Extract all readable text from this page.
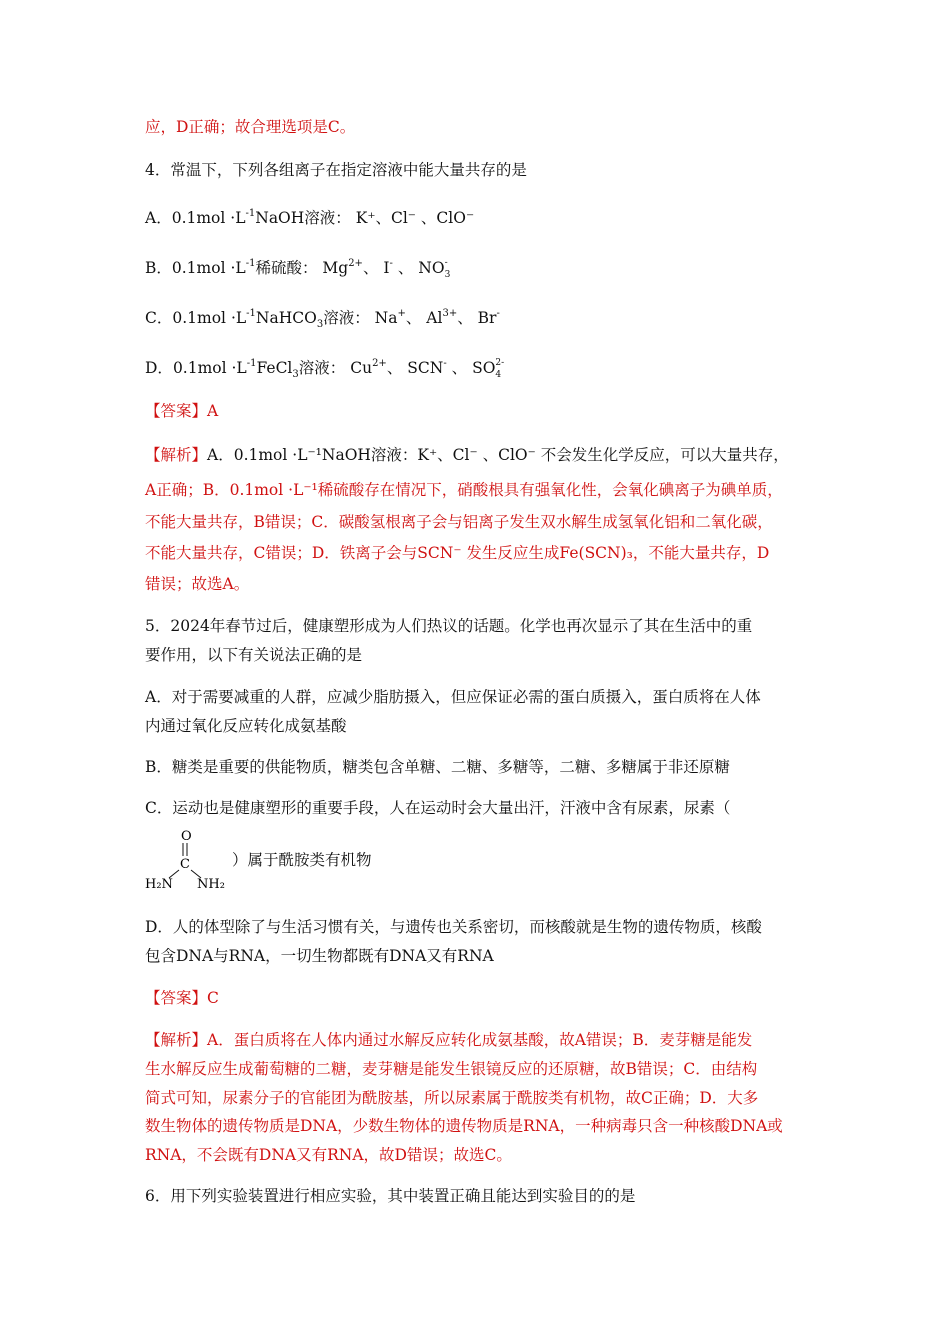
应，D正确；故合理选项是C。
4．常温下，下列各组离子在指定溶液中能大量共存的是
A．$0.1mol \cdot L^{-1}NaOH$溶液： K⁺、Cl⁻ 、ClO⁻
B．$0.1mol \cdot L^{-1}$稀硫酸： $Mg^{2+}$、 I- 、 NO -
3
C．$0.1mol \cdot L^{-1}NaHCO_3$溶液： Na+、 $Al^{3+}$、 Br-
D．$0.1mol \cdot L^{-1}FeCl_3$溶液： $Cu^{2+}$、 SCN- 、 SO 2-
4
【答案】A
【解析】A．0.1mol ·L⁻¹NaOH溶液：K⁺、Cl⁻ 、ClO⁻ 不会发生化学反应，可以大量共存，
A正确；B．0.1mol ·L⁻¹稀硫酸存在情况下，硝酸根具有强氧化性，会氧化碘离子为碘单质，
不能大量共存，B错误；C．碳酸氢根离子会与铝离子发生双水解生成氢氧化铝和二氧化碳，
不能大量共存，C错误；D．铁离子会与SCN⁻ 发生反应生成Fe(SCN)₃，不能大量共存，D
错误；故选A。
5．2024年春节过后，健康塑形成为人们热议的话题。化学也再次显示了其在生活中的重
要作用，以下有关说法正确的是
A．对于需要减重的人群，应减少脂肪摄入，但应保证必需的蛋白质摄入，蛋白质将在人体
内通过氧化反应转化成氨基酸
B．糖类是重要的供能物质，糖类包含单糖、二糖、多糖等，二糖、多糖属于非还原糖
C．运动也是健康塑形的重要手段，人在运动时会大量出汗，汗液中含有尿素，尿素（
O
C
H₂N NH₂
）属于酰胺类有机物
D．人的体型除了与生活习惯有关，与遗传也关系密切，而核酸就是生物的遗传物质，核酸
包含DNA与RNA，一切生物都既有DNA又有RNA
【答案】C
【解析】A．蛋白质将在人体内通过水解反应转化成氨基酸，故A错误；B．麦芽糖是能发
生水解反应生成葡萄糖的二糖，麦芽糖是能发生银镜反应的还原糖，故B错误；C．由结构
简式可知，尿素分子的官能团为酰胺基，所以尿素属于酰胺类有机物，故C正确；D．大多
数生物体的遗传物质是DNA，少数生物体的遗传物质是RNA，一种病毒只含一种核酸DNA或
RNA，不会既有DNA又有RNA，故D错误；故选C。
6．用下列实验装置进行相应实验，其中装置正确且能达到实验目的的是
